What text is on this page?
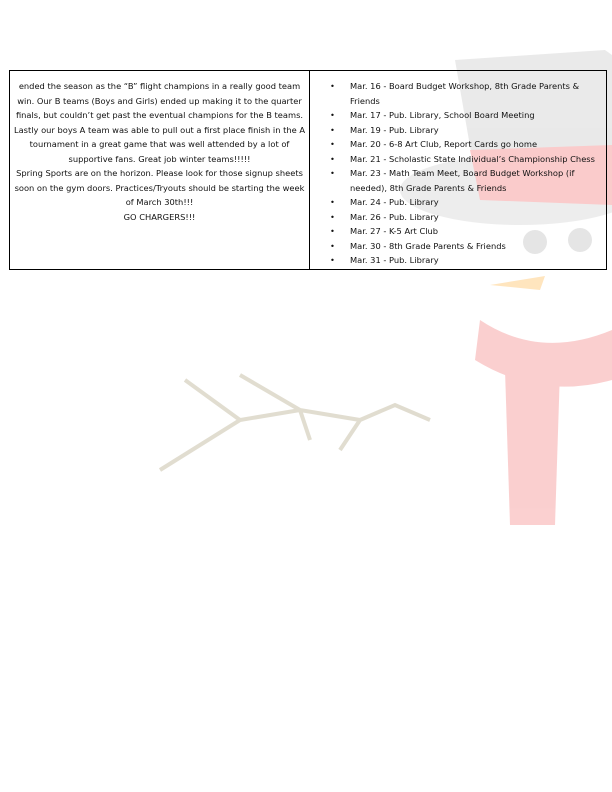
ended the season as the “B” flight champions in a really good team win. Our B teams (Boys and Girls) ended up making it to the quarter finals, but couldn’t get past the eventual champions for the B teams. Lastly our boys A team was able to pull out a first place finish in the A tournament in a great game that was well attended by a lot of supportive fans. Great job winter teams!!!!!

Spring Sports are on the horizon. Please look for those signup sheets soon on the gym doors. Practices/Tryouts should be starting the week of March 30th!!!

GO CHARGERS!!!

• Mar. 16 - Board Budget Workshop, 8th Grade Parents & Friends
• Mar. 17 - Pub. Library, School Board Meeting
• Mar. 19 - Pub. Library
• Mar. 20 - 6-8 Art Club, Report Cards go home
• Mar. 21 - Scholastic State Individual’s Championship Chess
• Mar. 23 - Math Team Meet, Board Budget Workshop (if needed), 8th Grade Parents & Friends
• Mar. 24 - Pub. Library
• Mar. 26 - Pub. Library
• Mar. 27 - K-5 Art Club
• Mar. 30 - 8th Grade Parents & Friends
• Mar. 31 - Pub. Library
